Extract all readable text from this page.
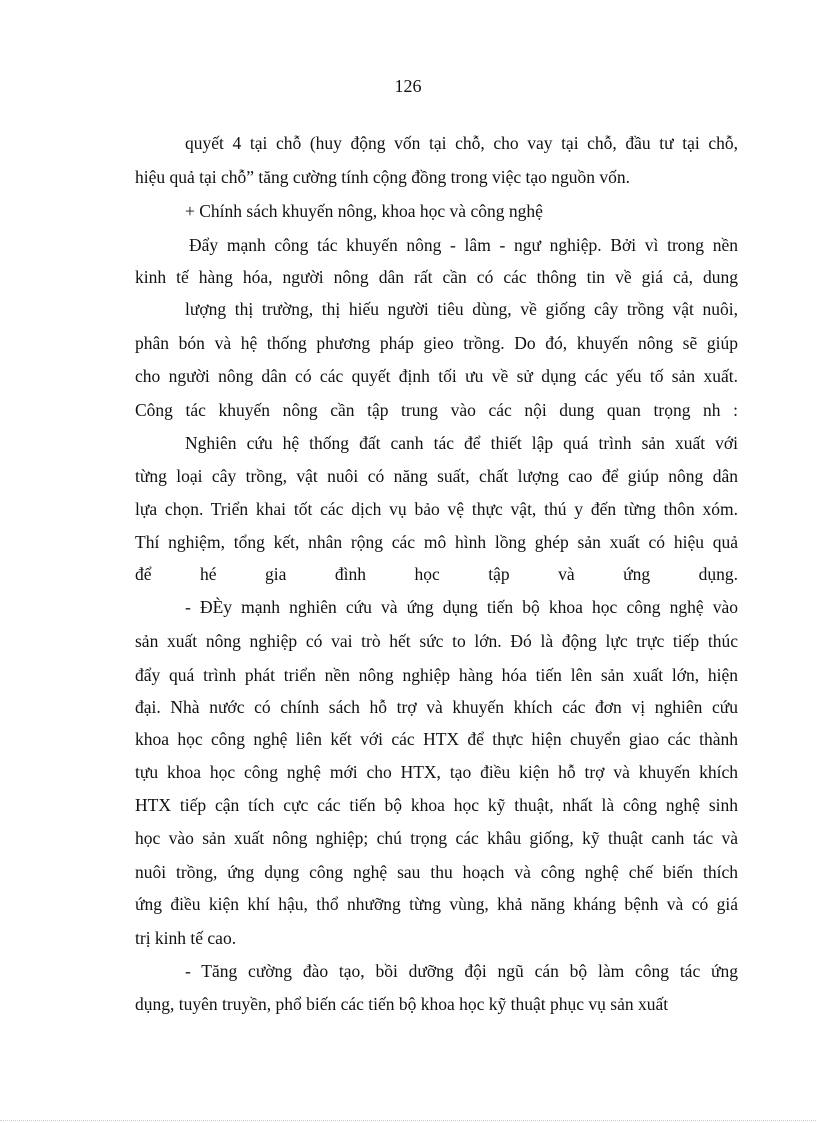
126
quyết 4 tại chỗ (huy động vốn tại chỗ, cho vay tại chỗ, đầu tư tại chỗ,
hiệu quả tại chỗ” tăng cường tính cộng đồng trong việc tạo nguồn vốn.
+ Chính sách khuyến nông, khoa học và công nghệ
Đẩy mạnh công tác khuyến nông - lâm - ngư nghiệp. Bởi vì trong nền
kinh tế hàng hóa, người nông dân rất cần có các thông tin về giá cả, dung
lượng thị trường, thị hiếu người tiêu dùng, về giống cây trồng vật nuôi,
phân bón và hệ thống phương pháp gieo trồng. Do đó, khuyến nông sẽ giúp
cho người nông dân có các quyết định tối ưu về sử dụng các yếu tố sản xuất.
Công tác khuyến nông cần tập trung vào các nội dung quan trọng nh :
Nghiên cứu hệ thống đất canh tác để thiết lập quá trình sản xuất với
từng loại cây trồng, vật nuôi có năng suất, chất lượng cao để giúp nông dân
lựa chọn. Triển khai tốt các dịch vụ bảo vệ thực vật, thú y đến từng thôn xóm.
Thí nghiệm, tổng kết, nhân rộng các mô hình lồng ghép sản xuất có hiệu quả
để hé gia đình học tập và ứng dụng.
- ĐÈy mạnh nghiên cứu và ứng dụng tiến bộ khoa học công nghệ vào
sản xuất nông nghiệp có vai trò hết sức to lớn. Đó là động lực trực tiếp thúc
đẩy quá trình phát triển nền nông nghiệp hàng hóa tiến lên sản xuất lớn, hiện
đại. Nhà nước có chính sách hỗ trợ và khuyến khích các đơn vị nghiên cứu
khoa học công nghệ liên kết với các HTX để thực hiện chuyển giao các thành
tựu khoa học công nghệ mới cho HTX, tạo điều kiện hỗ trợ và khuyến khích
HTX tiếp cận tích cực các tiến bộ khoa học kỹ thuật, nhất là công nghệ sinh
học vào sản xuất nông nghiệp; chú trọng các khâu giống, kỹ thuật canh tác và
nuôi trồng, ứng dụng công nghệ sau thu hoạch và công nghệ chế biến thích
ứng điều kiện khí hậu, thổ nhưỡng từng vùng, khả năng kháng bệnh và có giá
trị kinh tế cao.
- Tăng cường đào tạo, bồi dưỡng đội ngũ cán bộ làm công tác ứng
dụng, tuyên truyền, phổ biến các tiến bộ khoa học kỹ thuật phục vụ sản xuất
